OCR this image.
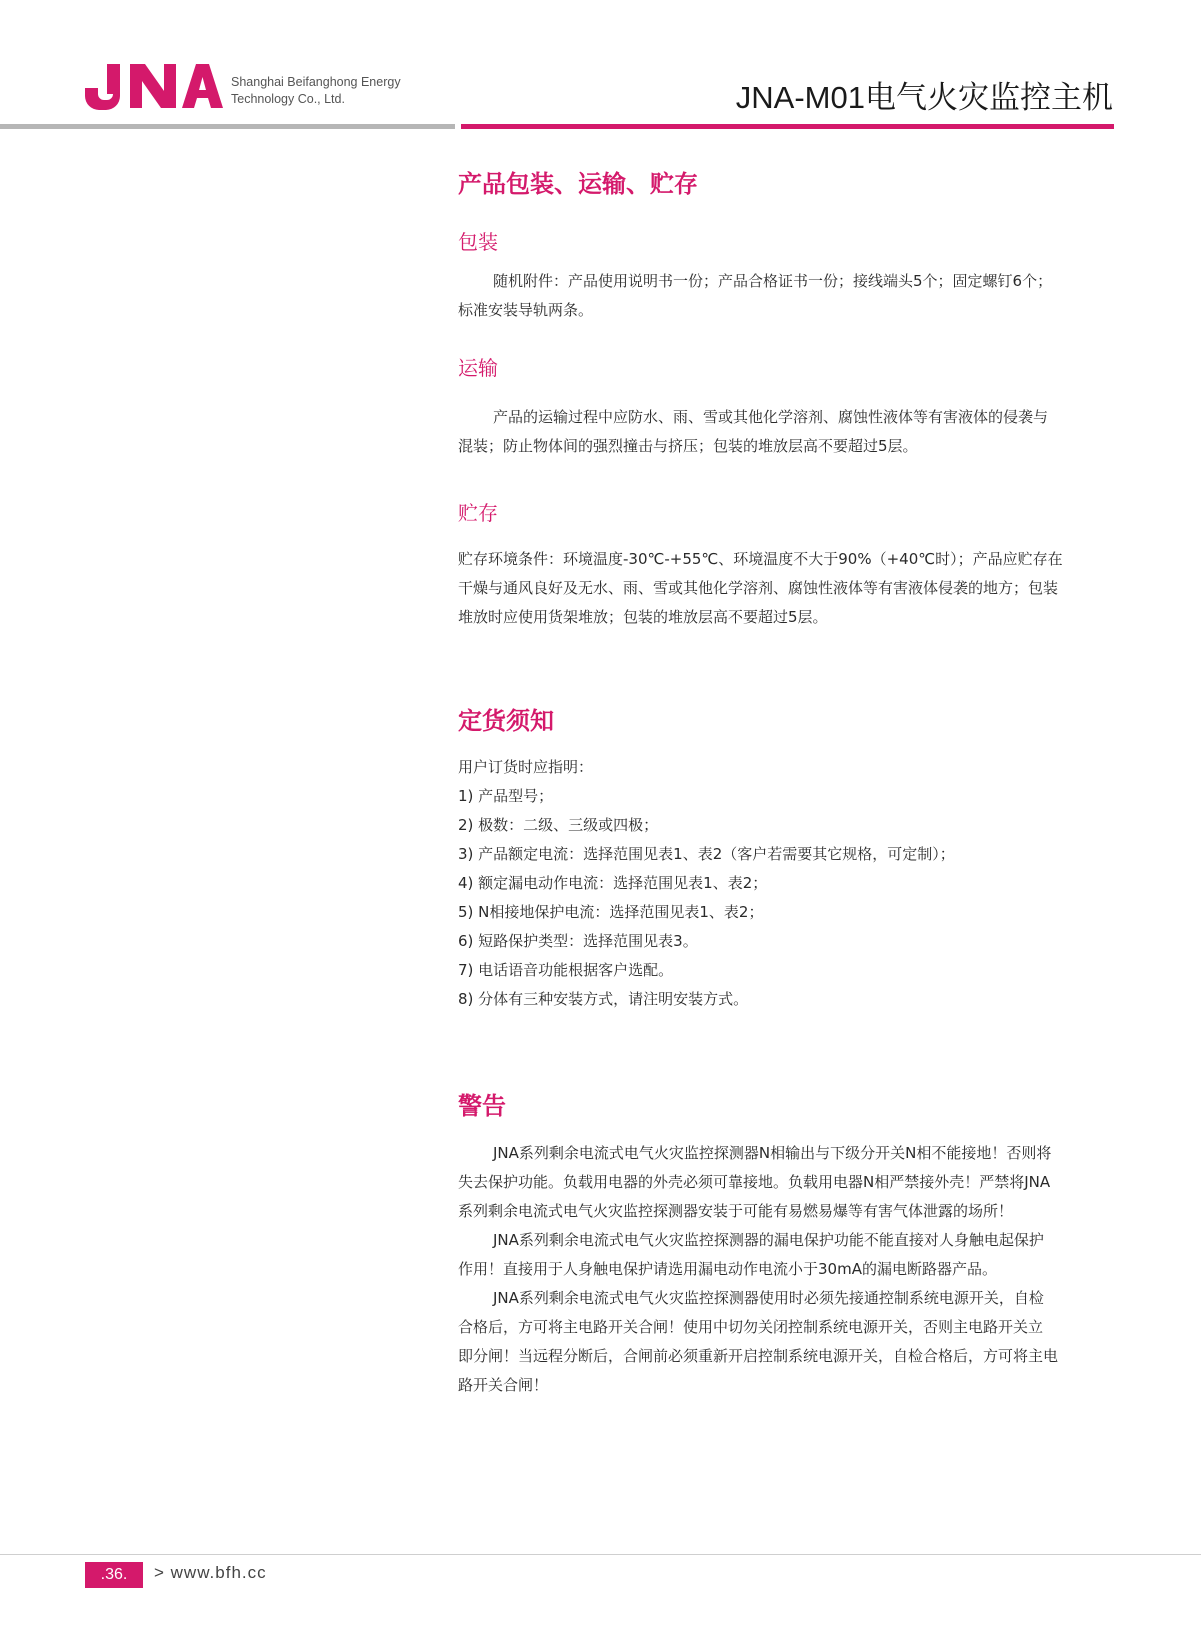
Shanghai Beifanghong Energy
Technology Co., Ltd.	JNA-M01电气火灾监控主机
产品包装、运输、贮存
包装

随机附件：产品使用说明书一份；产品合格证书一份；接线端头5个；固定螺钉6个；
标准安装导轨两条。

运输

产品的运输过程中应防水、雨、雪或其他化学溶剂、腐蚀性液体等有害液体的侵袭与
混装；防止物体间的强烈撞击与挤压；包装的堆放层高不要超过5层。

贮存

贮存环境条件：环境温度-30℃-+55℃、环境温度不大于90%（+40℃时）；产品应贮存在
干燥与通风良好及无水、雨、雪或其他化学溶剂、腐蚀性液体等有害液体侵袭的地方；包装
堆放时应使用货架堆放；包装的堆放层高不要超过5层。

定货须知

用户订货时应指明：
1) 产品型号；
2) 极数：二级、三级或四极；
3) 产品额定电流：选择范围见表1、表2（客户若需要其它规格，可定制）；
4) 额定漏电动作电流：选择范围见表1、表2；
5) N相接地保护电流：选择范围见表1、表2；
6) 短路保护类型：选择范围见表3。
7) 电话语音功能根据客户选配。
8) 分体有三种安装方式，请注明安装方式。

警告

JNA系列剩余电流式电气火灾监控探测器N相输出与下级分开关N相不能接地！否则将
失去保护功能。负载用电器的外壳必须可靠接地。负载用电器N相严禁接外壳！严禁将JNA
系列剩余电流式电气火灾监控探测器安装于可能有易燃易爆等有害气体泄露的场所！

JNA系列剩余电流式电气火灾监控探测器的漏电保护功能不能直接对人身触电起保护
作用！直接用于人身触电保护请选用漏电动作电流小于30mA的漏电断路器产品。

JNA系列剩余电流式电气火灾监控探测器使用时必须先接通控制系统电源开关，自检
合格后，方可将主电路开关合闸！使用中切勿关闭控制系统电源开关，否则主电路开关立
即分闸！当远程分断后，合闸前必须重新开启控制系统电源开关，自检合格后，方可将主电
路开关合闸！

.36.	> www.bfh.cc
